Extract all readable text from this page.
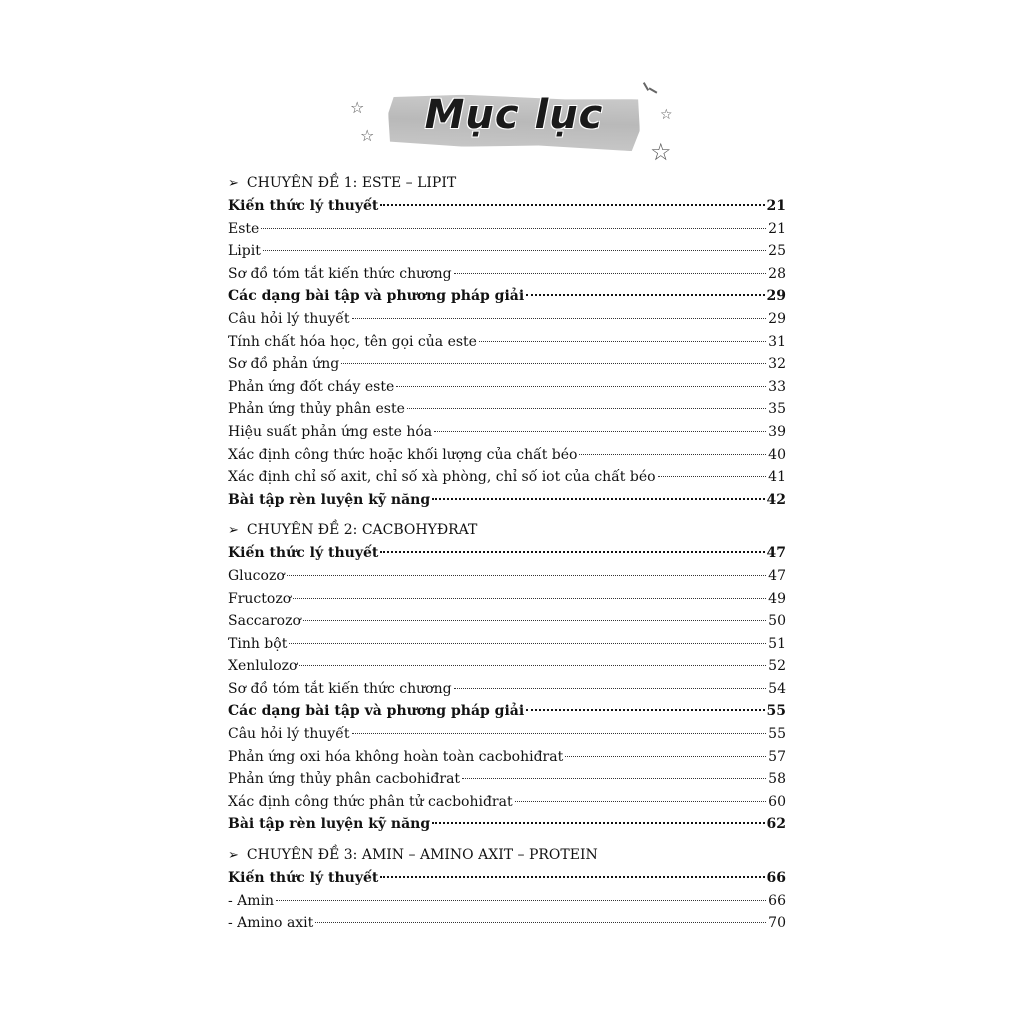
Mục lục
☆
☆
☆
☆
➢ CHUYÊN ĐỀ 1: ESTE – LIPIT
Kiến thức lý thuyết	21
Este	21
Lipit	25
Sơ đồ tóm tắt kiến thức chương	28
Các dạng bài tập và phương pháp giải	29
Câu hỏi lý thuyết	29
Tính chất hóa học, tên gọi của este	31
Sơ đồ phản ứng	32
Phản ứng đốt cháy este	33
Phản ứng thủy phân este	35
Hiệu suất phản ứng este hóa	39
Xác định công thức hoặc khối lượng của chất béo	40
Xác định chỉ số axit, chỉ số xà phòng, chỉ số iot của chất béo	41
Bài tập rèn luyện kỹ năng	42
➢ CHUYÊN ĐỀ 2: CACBOHYĐRAT
Kiến thức lý thuyết	47
Glucozơ	47
Fructozơ	49
Saccarozơ	50
Tinh bột	51
Xenlulozơ	52
Sơ đồ tóm tắt kiến thức chương	54
Các dạng bài tập và phương pháp giải	55
Câu hỏi lý thuyết	55
Phản ứng oxi hóa không hoàn toàn cacbohiđrat	57
Phản ứng thủy phân cacbohiđrat	58
Xác định công thức phân tử cacbohiđrat	60
Bài tập rèn luyện kỹ năng	62
➢ CHUYÊN ĐỀ 3: AMIN – AMINO AXIT – PROTEIN
Kiến thức lý thuyết	66
- Amin	66
- Amino axit	70
